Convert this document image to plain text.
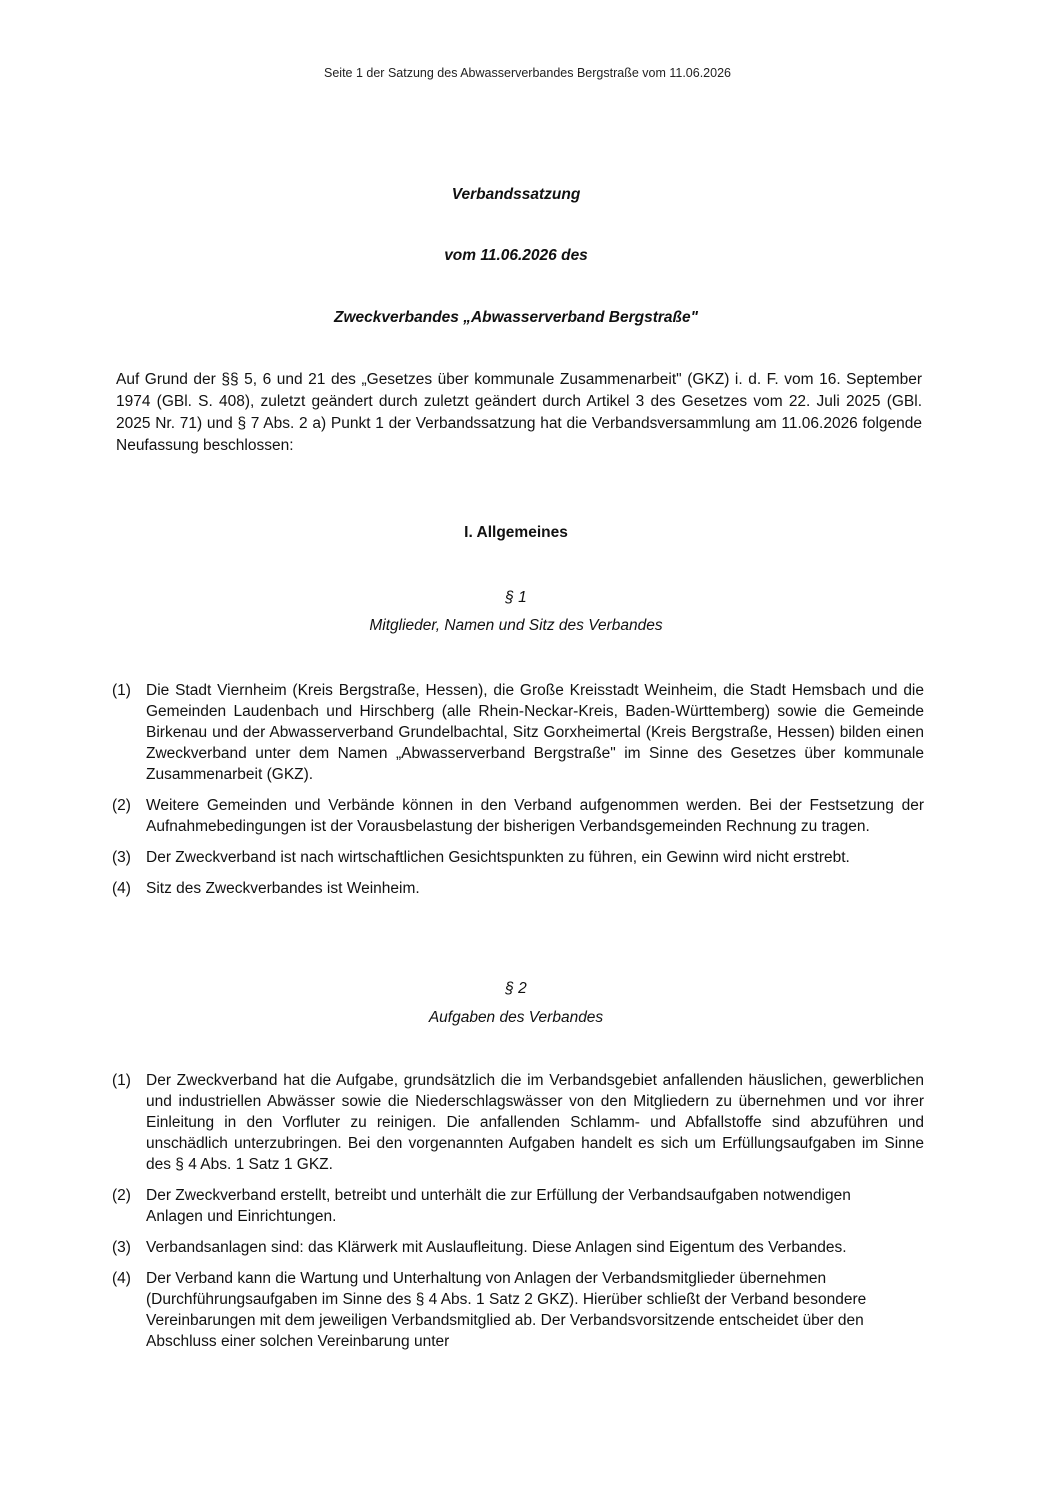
Seite 1 der Satzung des Abwasserverbandes Bergstraße vom 11.06.2026
Verbandssatzung
vom 11.06.2026 des
Zweckverbandes „Abwasserverband Bergstraße"

Auf Grund der §§ 5, 6 und 21 des „Gesetzes über kommunale Zusammenarbeit" (GKZ) i. d. F. vom 16. September 1974 (GBl. S. 408), zuletzt geändert durch zuletzt geändert durch Artikel 3 des Gesetzes vom 22. Juli 2025 (GBl. 2025 Nr. 71) und § 7 Abs. 2 a) Punkt 1 der Verbandssatzung hat die Verbandsversammlung am 11.06.2026 folgende Neufassung beschlossen:

I. Allgemeines
§ 1
Mitglieder, Namen und Sitz des Verbandes
(1) Die Stadt Viernheim (Kreis Bergstraße, Hessen), die Große Kreisstadt Weinheim, die Stadt Hemsbach und die Gemeinden Laudenbach und Hirschberg (alle Rhein-Neckar-Kreis, Baden-Württemberg) sowie die Gemeinde Birkenau und der Abwasserverband Grundelbachtal, Sitz Gorxheimertal (Kreis Bergstraße, Hessen) bilden einen Zweckverband unter dem Namen „Abwasserverband Bergstraße" im Sinne des Gesetzes über kommunale Zusammenarbeit (GKZ).
(2) Weitere Gemeinden und Verbände können in den Verband aufgenommen werden. Bei der Festsetzung der Aufnahmebedingungen ist der Vorausbelastung der bisherigen Verbandsgemeinden Rechnung zu tragen.
(3) Der Zweckverband ist nach wirtschaftlichen Gesichtspunkten zu führen, ein Gewinn wird nicht erstrebt.
(4) Sitz des Zweckverbandes ist Weinheim.
§ 2
Aufgaben des Verbandes
(1) Der Zweckverband hat die Aufgabe, grundsätzlich die im Verbandsgebiet anfallenden häuslichen, gewerblichen und industriellen Abwässer sowie die Niederschlagswässer von den Mitgliedern zu übernehmen und vor ihrer Einleitung in den Vorfluter zu reinigen. Die anfallenden Schlamm- und Abfallstoffe sind abzuführen und unschädlich unterzubringen. Bei den vorgenannten Aufgaben handelt es sich um Erfüllungsaufgaben im Sinne des § 4 Abs. 1 Satz 1 GKZ.
(2) Der Zweckverband erstellt, betreibt und unterhält die zur Erfüllung der Verbandsaufgaben notwendigen Anlagen und Einrichtungen.
(3) Verbandsanlagen sind: das Klärwerk mit Auslaufleitung. Diese Anlagen sind Eigentum des Verbandes.
(4) Der Verband kann die Wartung und Unterhaltung von Anlagen der Verbandsmitglieder übernehmen (Durchführungsaufgaben im Sinne des § 4 Abs. 1 Satz 2 GKZ). Hierüber schließt der Verband besondere Vereinbarungen mit dem jeweiligen Verbandsmitglied ab. Der Verbandsvorsitzende entscheidet über den Abschluss einer solchen Vereinbarung unter
